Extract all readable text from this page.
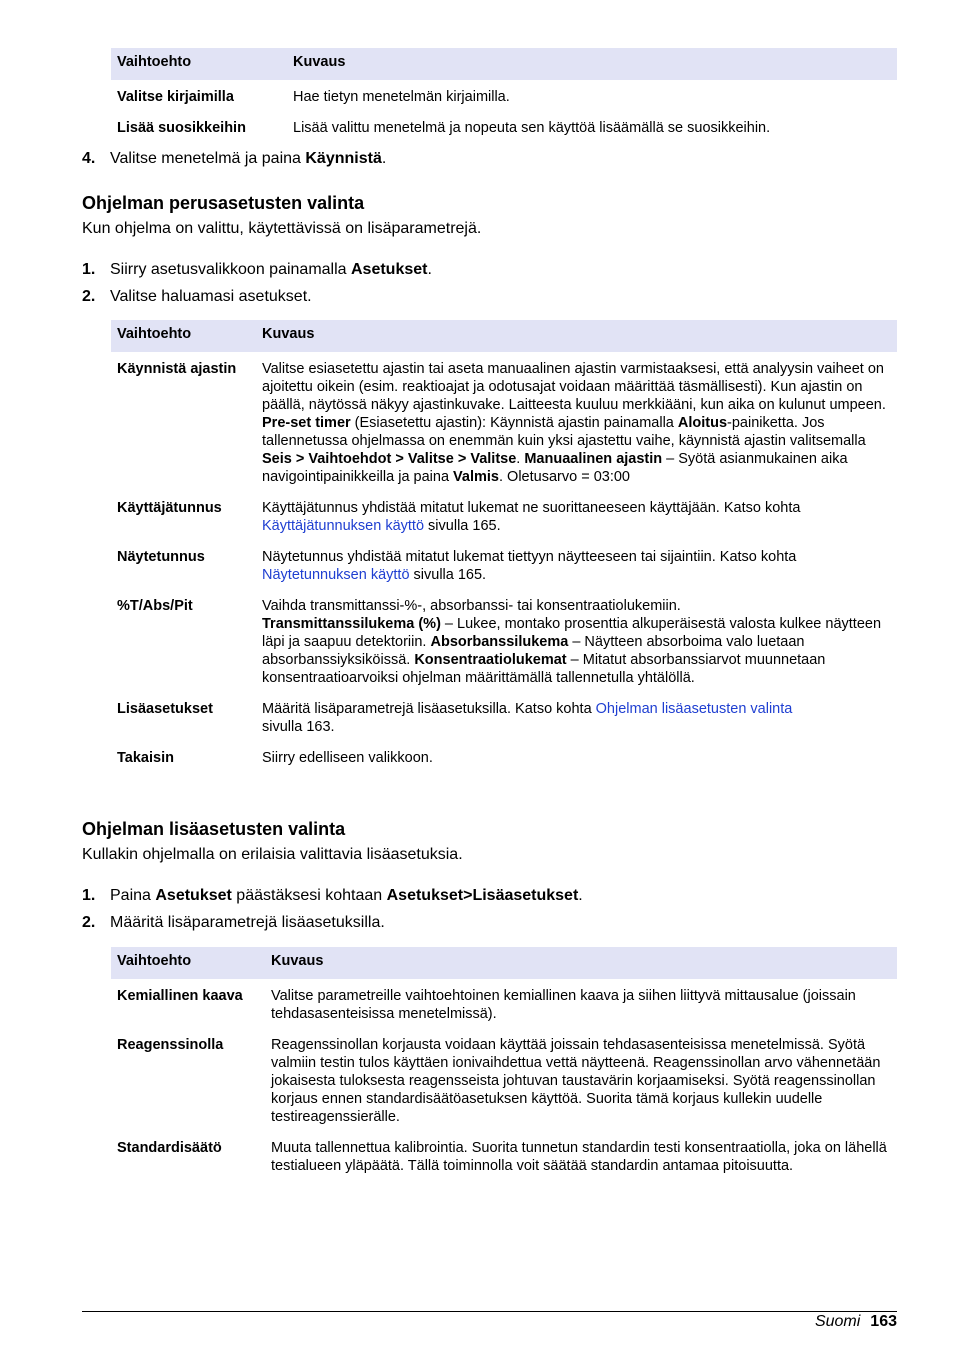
Vaihtoehto	Kuvaus
Valitse kirjaimilla	Hae tietyn menetelmän kirjaimilla.
Lisää suosikkeihin	Lisää valittu menetelmä ja nopeuta sen käyttöä lisäämällä se suosikkeihin.
4. Valitse menetelmä ja paina Käynnistä.
Ohjelman perusasetusten valinta

Kun ohjelma on valittu, käytettävissä on lisäparametrejä.

1. Siirry asetusvalikkoon painamalla Asetukset.
2. Valitse haluamasi asetukset.
Vaihtoehto	Kuvaus
Käynnistä ajastin	Valitse esiasetettu ajastin tai aseta manuaalinen ajastin varmistaaksesi, että analyysin vaiheet on ajoitettu oikein (esim. reaktioajat ja odotusajat voidaan määrittää täsmällisesti). Kun ajastin on päällä, näytössä näkyy ajastinkuvake. Laitteesta kuuluu merkkiääni, kun aika on kulunut umpeen. Pre-set timer (Esiasetettu ajastin): Käynnistä ajastin painamalla Aloitus-painiketta. Jos tallennetussa ohjelmassa on enemmän kuin yksi ajastettu vaihe, käynnistä ajastin valitsemalla Seis > Vaihtoehdot > Valitse > Valitse. Manuaalinen ajastin – Syötä asianmukainen aika navigointipainikkeilla ja paina Valmis. Oletusarvo = 03:00
Käyttäjätunnus	Käyttäjätunnus yhdistää mitatut lukemat ne suorittaneeseen käyttäjään. Katso kohta Käyttäjätunnuksen käyttö sivulla 165.
Näytetunnus	Näytetunnus yhdistää mitatut lukemat tiettyyn näytteeseen tai sijaintiin. Katso kohta Näytetunnuksen käyttö sivulla 165.
%T/Abs/Pit	Vaihda transmittanssi-%-, absorbanssi- tai konsentraatiolukemiin.

Transmittanssilukema (%) – Lukee, montako prosenttia alkuperäisestä valosta kulkee näytteen läpi ja saapuu detektoriin. Absorbanssilukema – Näytteen absorboima valo luetaan absorbanssiyksiköissä. Konsentraatiolukemat – Mitatut absorbanssiarvot muunnetaan konsentraatioarvoiksi ohjelman määrittämällä tallennetulla yhtälöllä.
Lisäasetukset	Määritä lisäparametrejä lisäasetuksilla. Katso kohta Ohjelman lisäasetusten valinta
sivulla 163.
Takaisin	Siirry edelliseen valikkoon.
Ohjelman lisäasetusten valinta

Kullakin ohjelmalla on erilaisia valittavia lisäasetuksia.

1. Paina Asetukset päästäksesi kohtaan Asetukset>Lisäasetukset.
2. Määritä lisäparametrejä lisäasetuksilla.
Vaihtoehto	Kuvaus
Kemiallinen kaava	Valitse parametreille vaihtoehtoinen kemiallinen kaava ja siihen liittyvä mittausalue (joissain tehdasasenteisissa menetelmissä).
Reagenssinolla	Reagenssinollan korjausta voidaan käyttää joissain tehdasasenteisissa menetelmissä. Syötä valmiin testin tulos käyttäen ionivaihdettua vettä näytteenä. Reagenssinollan arvo vähennetään jokaisesta tuloksesta reagensseista johtuvan taustavärin korjaamiseksi. Syötä reagenssinollan korjaus ennen standardisäätöasetuksen käyttöä. Suorita tämä korjaus kullekin uudelle testireagenssierälle.
Standardisäätö	Muuta tallennettua kalibrointia. Suorita tunnetun standardin testi konsentraatiolla, joka on lähellä testialueen yläpäätä. Tällä toiminnolla voit säätää standardin antamaa pitoisuutta.
Suomi 163
